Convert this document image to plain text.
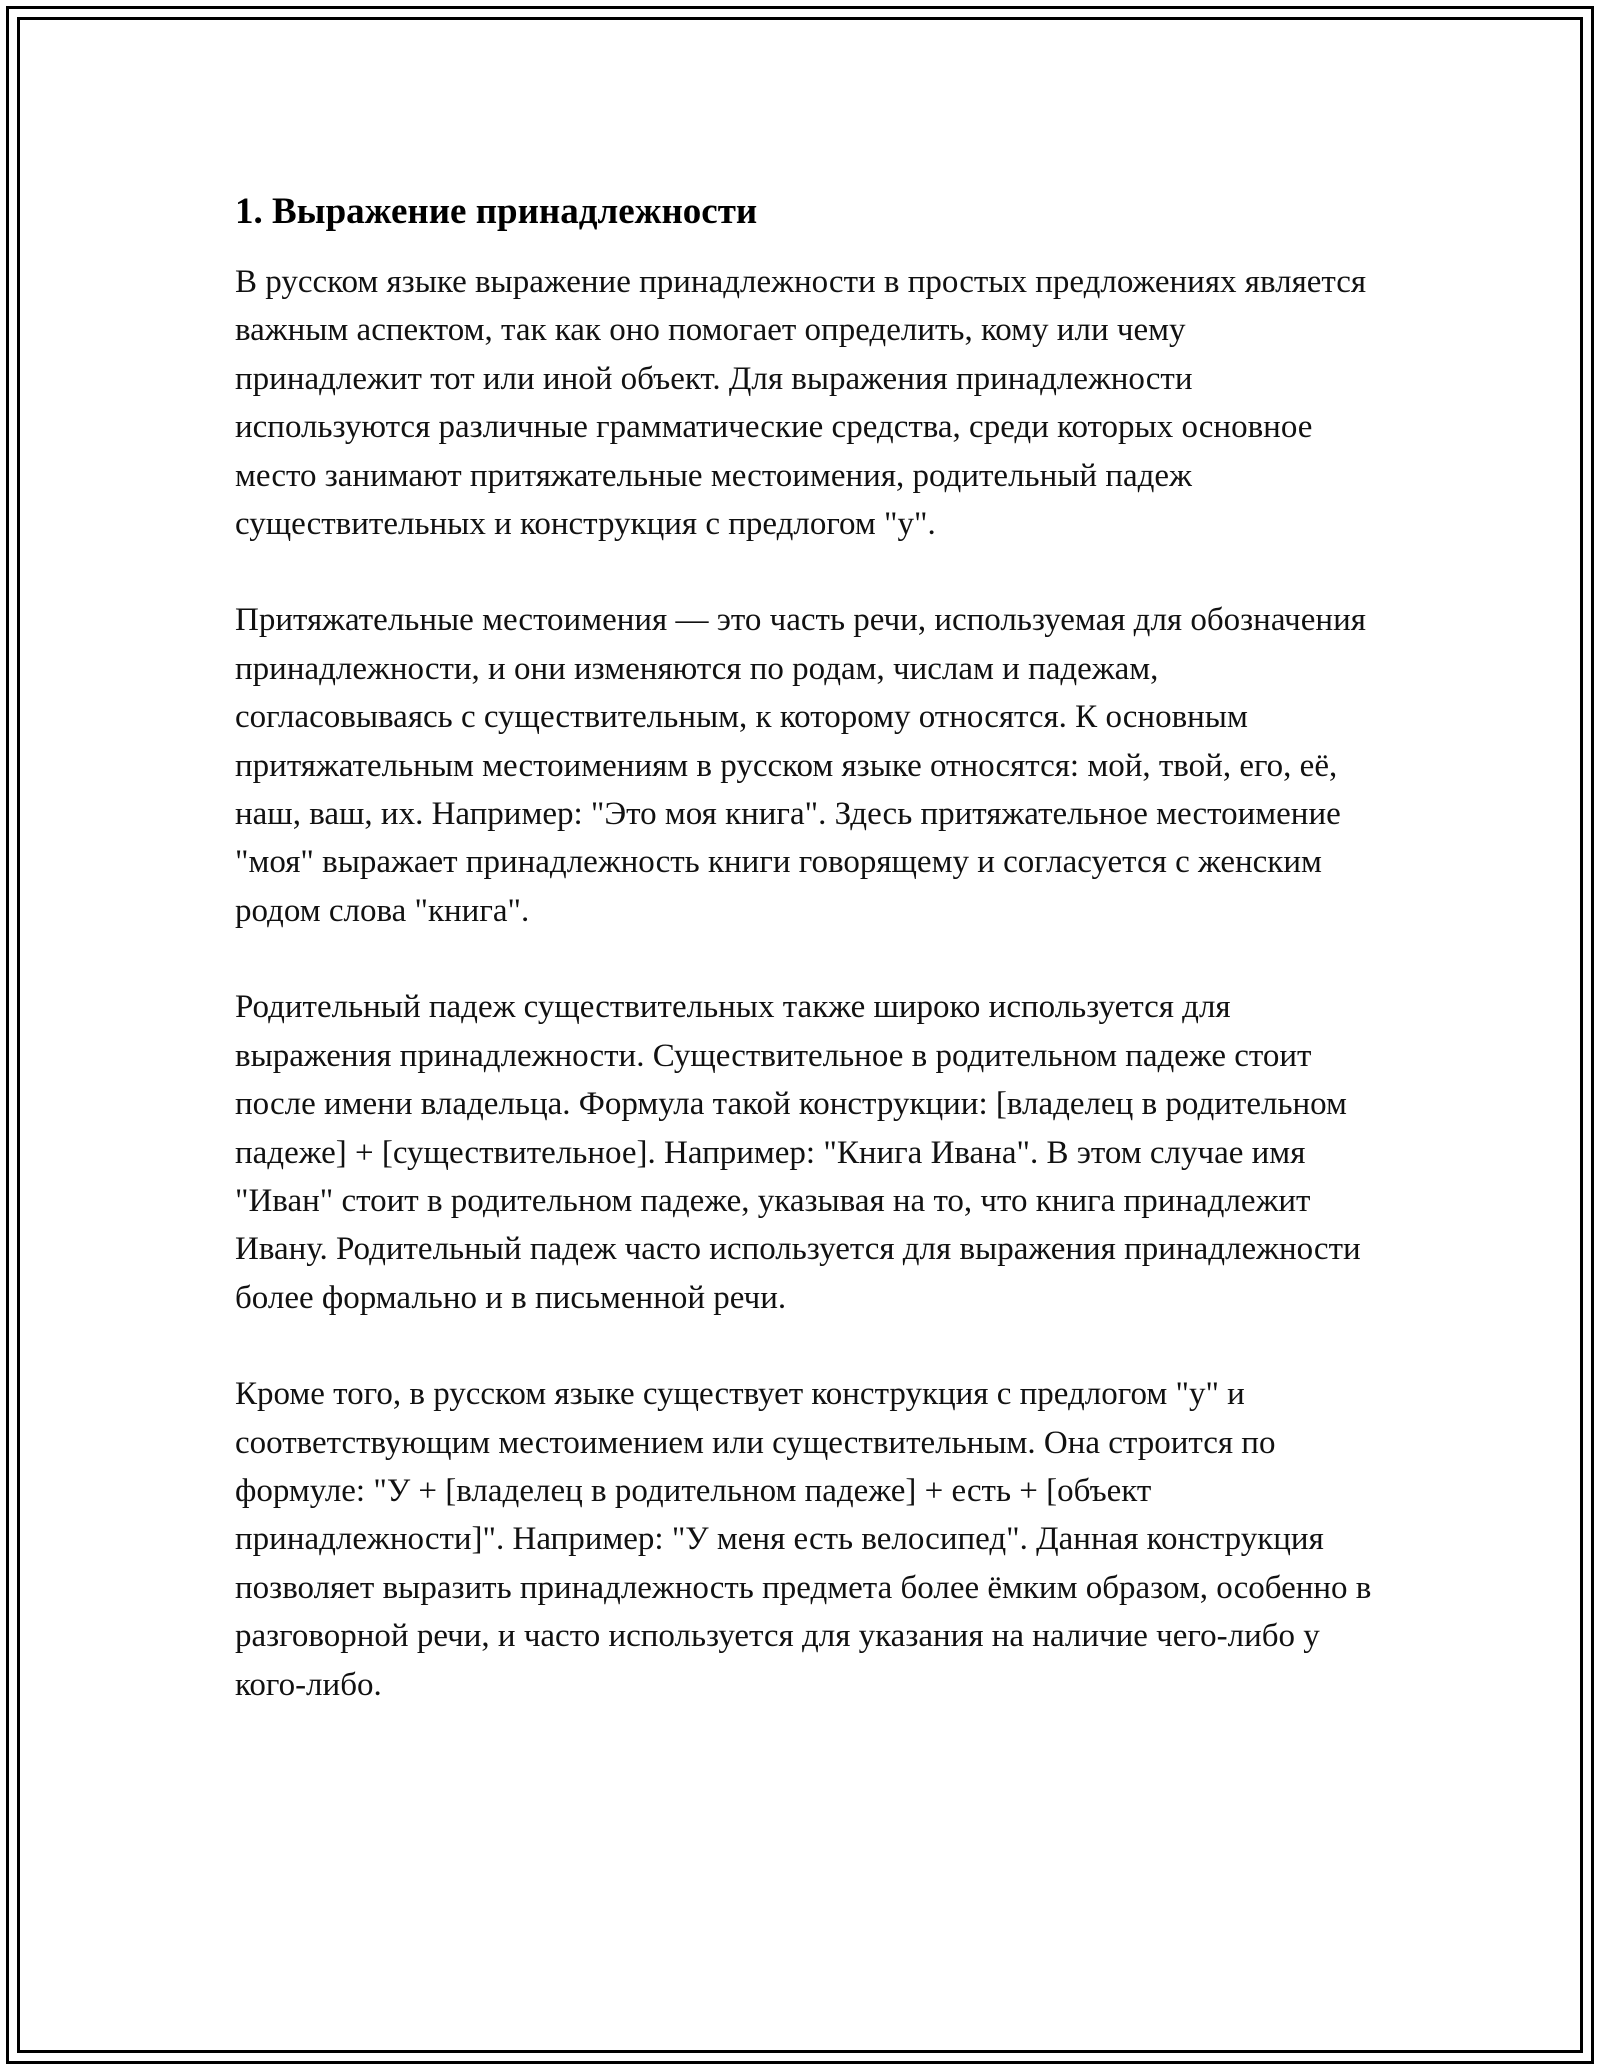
1. Выражение принадлежности

В русском языке выражение принадлежности в простых предложениях является важным аспектом, так как оно помогает определить, кому или чему принадлежит тот или иной объект. Для выражения принадлежности используются различные грамматические средства, среди которых основное место занимают притяжательные местоимения, родительный падеж существительных и конструкция с предлогом "у".

Притяжательные местоимения — это часть речи, используемая для обозначения принадлежности, и они изменяются по родам, числам и падежам, согласовываясь с существительным, к которому относятся. К основным притяжательным местоимениям в русском языке относятся: мой, твой, его, её, наш, ваш, их. Например: "Это моя книга". Здесь притяжательное местоимение "моя" выражает принадлежность книги говорящему и согласуется с женским родом слова "книга".

Родительный падеж существительных также широко используется для выражения принадлежности. Существительное в родительном падеже стоит после имени владельца. Формула такой конструкции: [владелец в родительном падеже] + [существительное]. Например: "Книга Ивана". В этом случае имя "Иван" стоит в родительном падеже, указывая на то, что книга принадлежит Ивану. Родительный падеж часто используется для выражения принадлежности более формально и в письменной речи.

Кроме того, в русском языке существует конструкция с предлогом "у" и соответствующим местоимением или существительным. Она строится по формуле: "У + [владелец в родительном падеже] + есть + [объект принадлежности]". Например: "У меня есть велосипед". Данная конструкция позволяет выразить принадлежность предмета более ёмким образом, особенно в разговорной речи, и часто используется для указания на наличие чего-либо у кого-либо.
